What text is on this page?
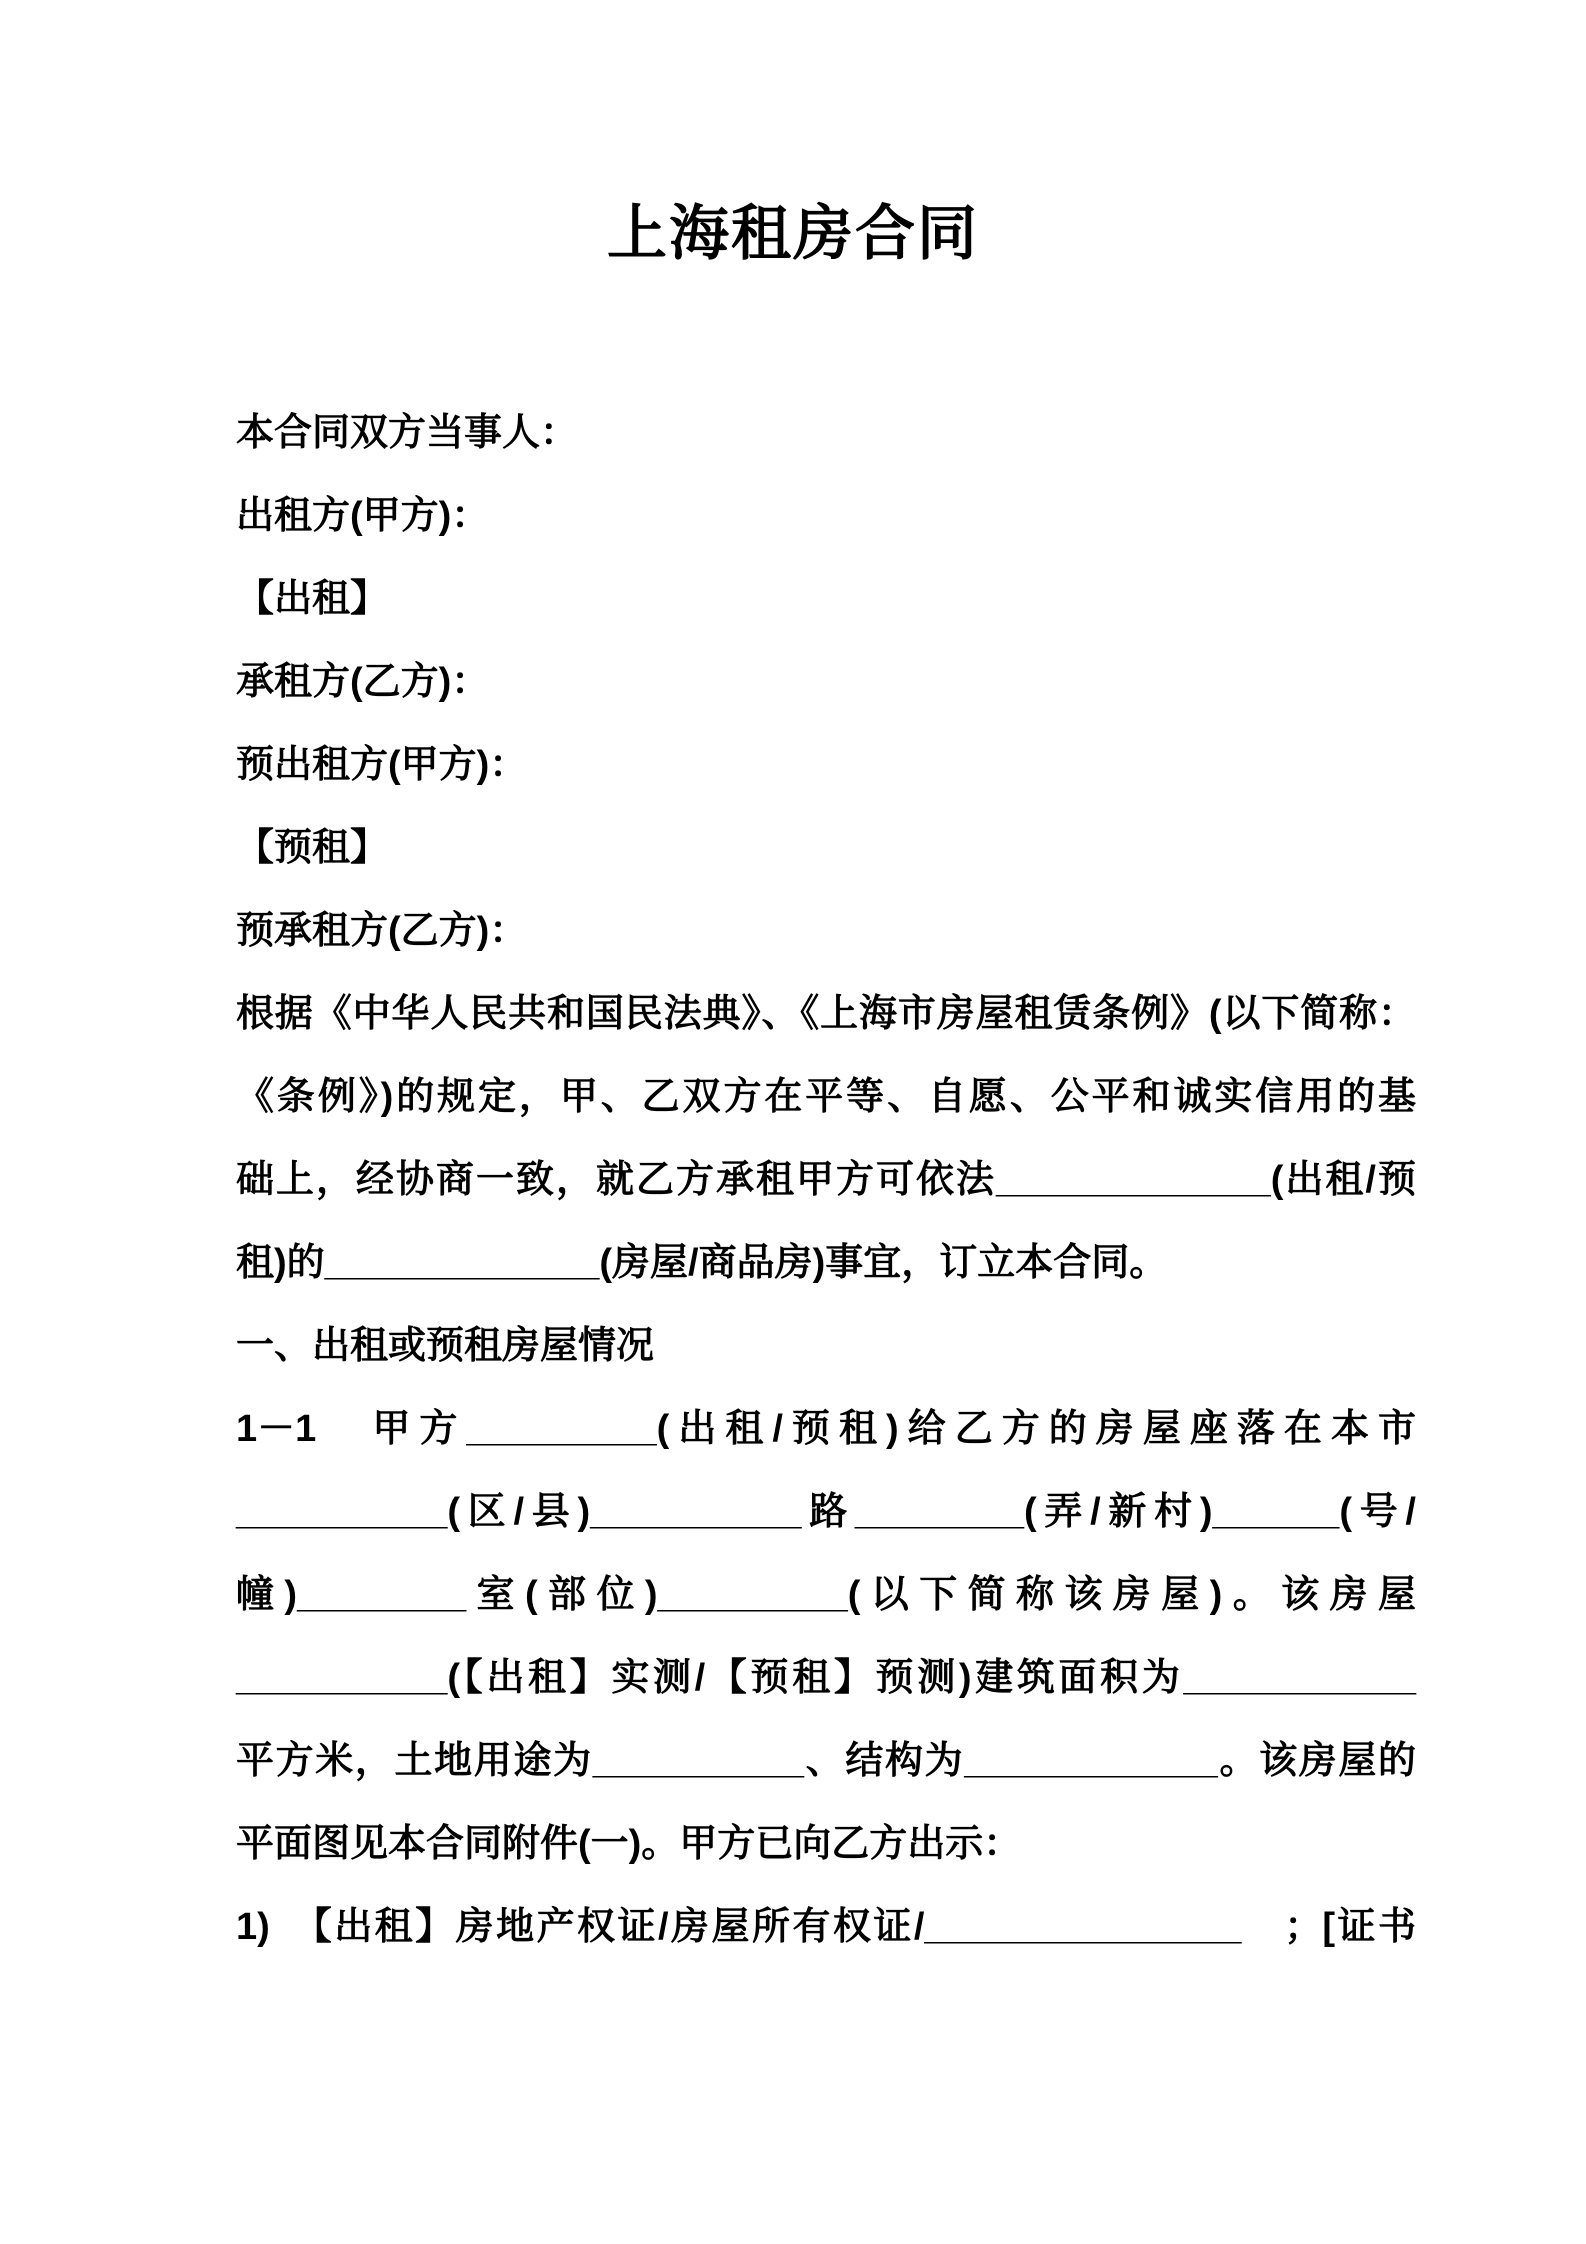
上海租房合同

本合同双方当事人：

出租方(甲方)：

【出租】

承租方(乙方)：

预出租方(甲方)：

【预租】

预承租方(乙方)：

根据《中华人民共和国民法典》、《上海市房屋租赁条例》(以下简称：

《条例》)的规定，甲、乙双方在平等、自愿、公平和诚实信用的基

础上，经协商一致，就乙方承租甲方可依法_____________(出租/预

租)的_____________(房屋/商品房)事宜，订立本合同。

一、出租或预租房屋情况

1－1　甲方_________(出租/预租)给乙方的房屋座落在本市

__________(区/县)__________路________(弄/新村)______(号/

幢)________室(部位)_________(以下简称该房屋)。该房屋

__________(【出租】实测/【预租】预测)建筑面积为___________

平方米，土地用途为__________、结构为____________。该房屋的

平面图见本合同附件(一)。甲方已向乙方出示：

1)　【出租】房地产权证/房屋所有权证/_______________　；[证书
